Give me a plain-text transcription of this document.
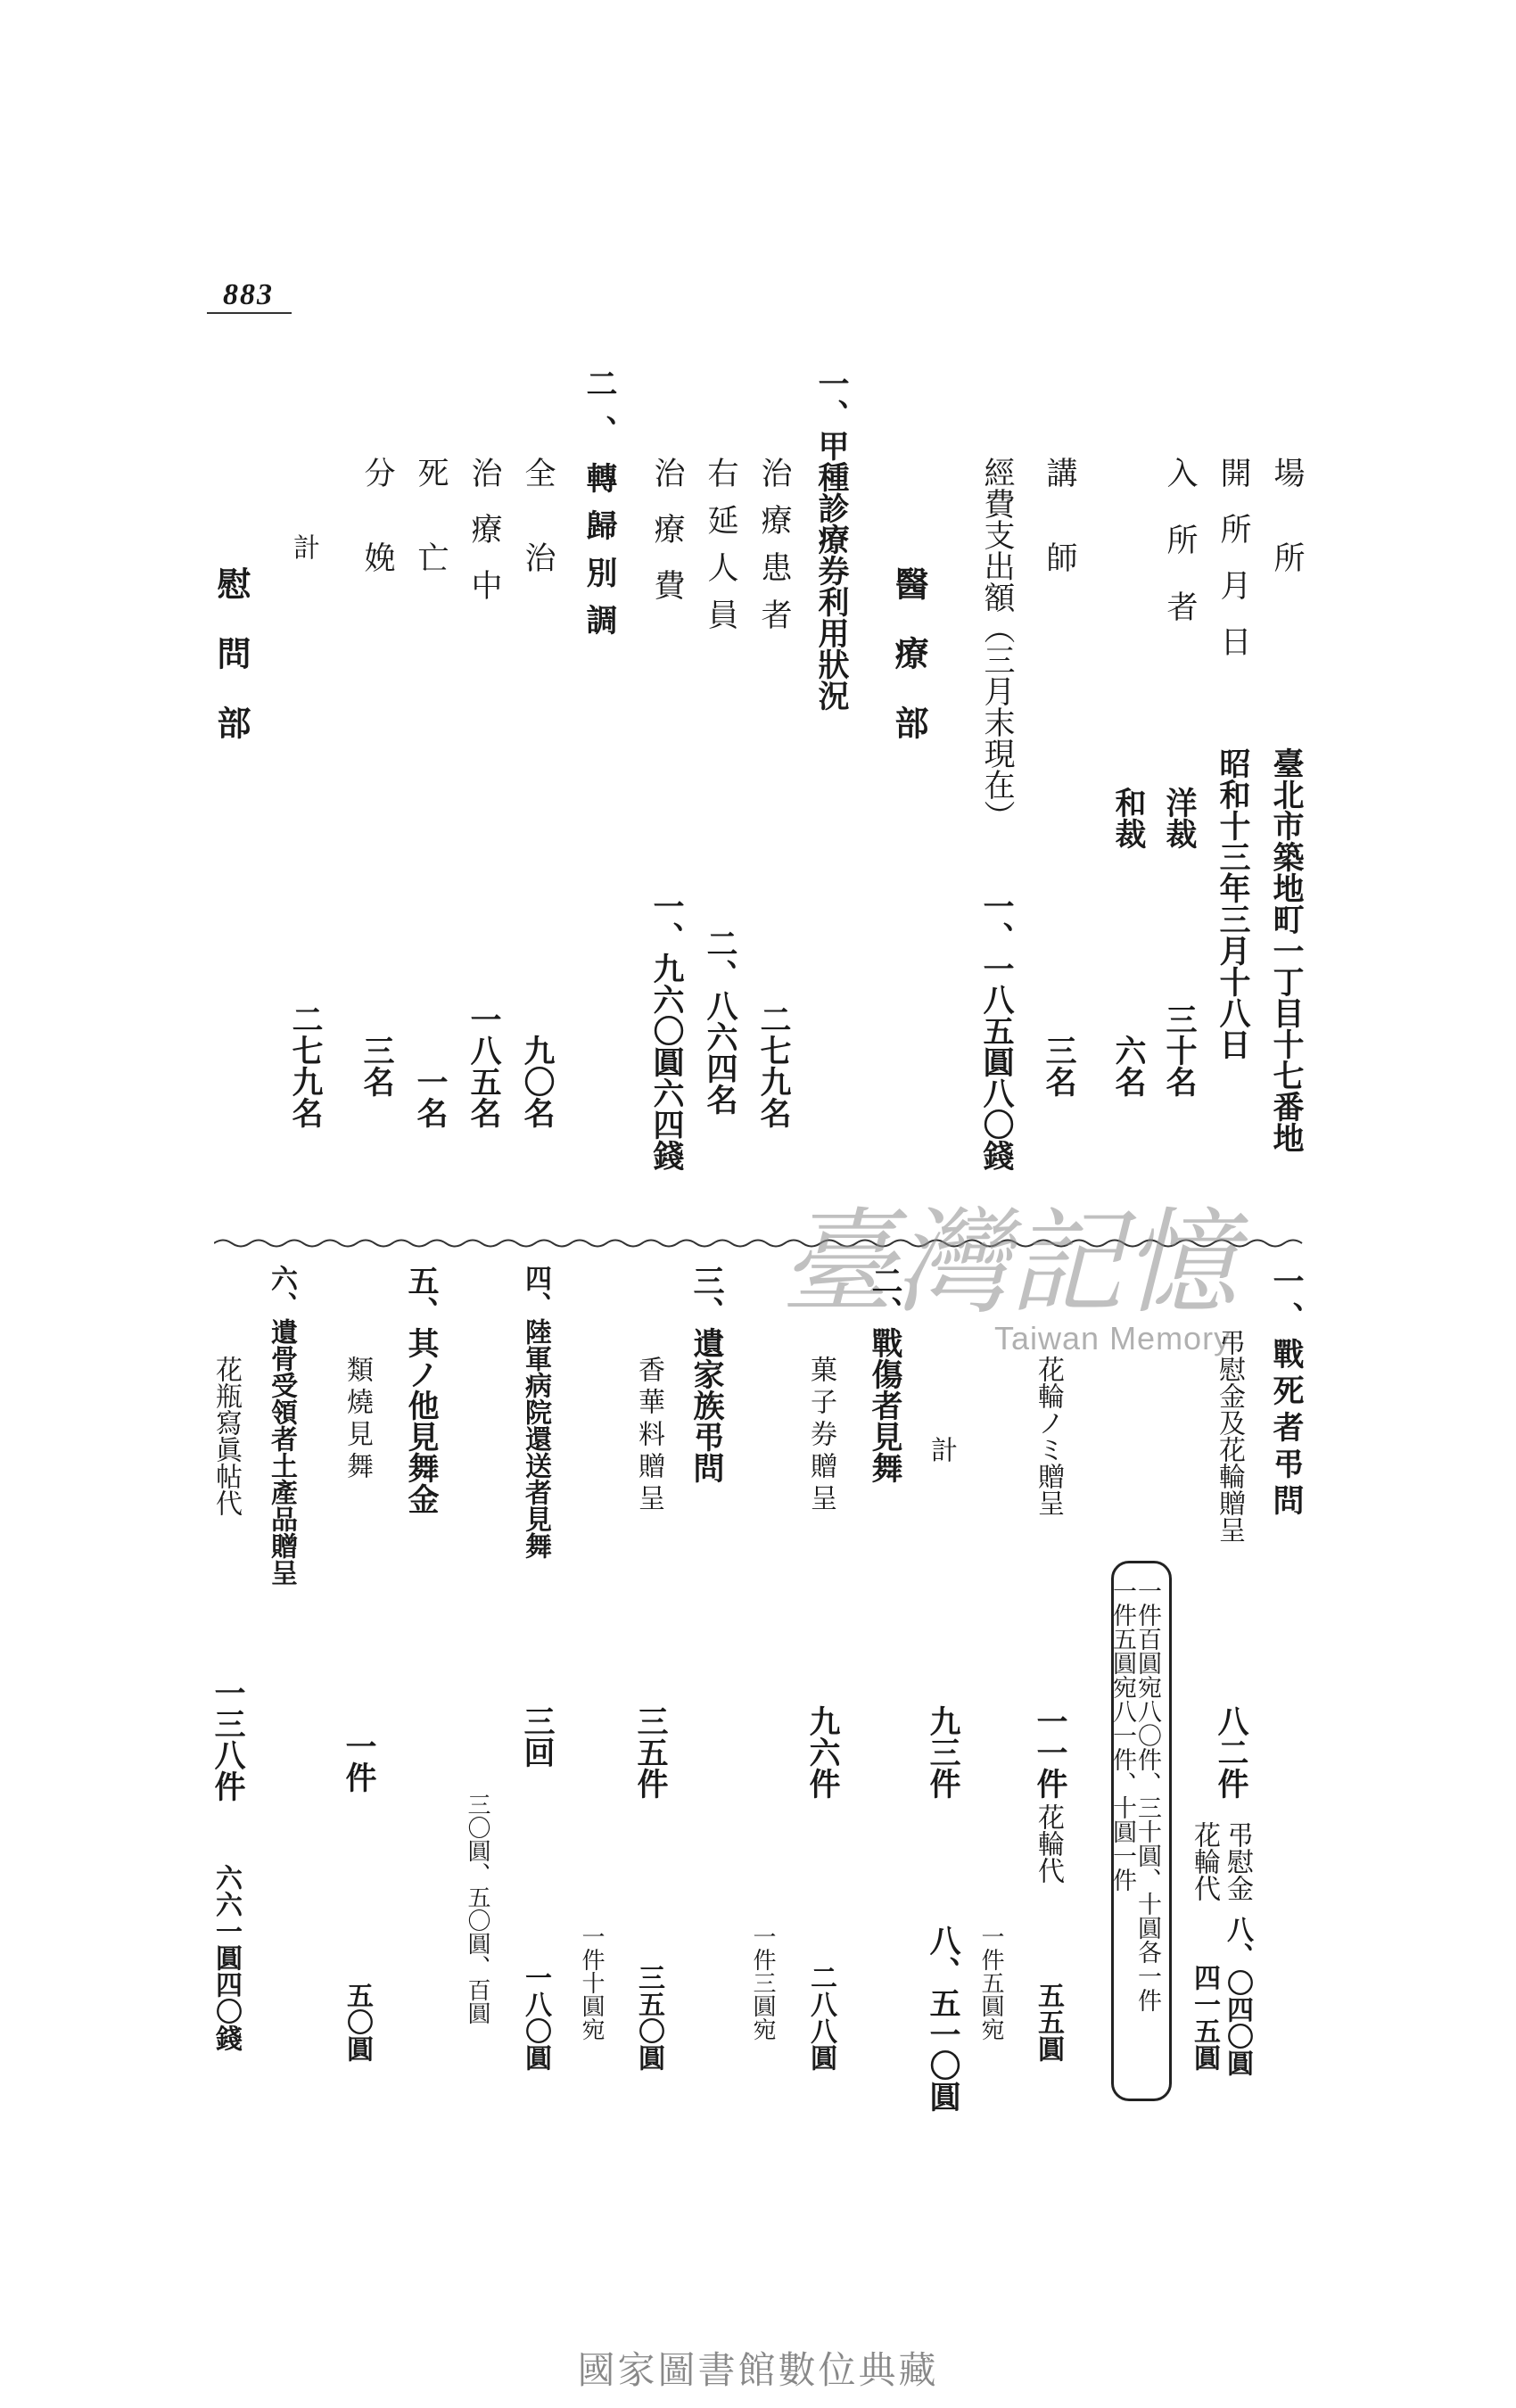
883
場所
臺北市築地町一丁目十七番地
開所月日
昭和十三年三月十八日
入所者
洋裁
三十名
和裁
六名
講師
三名
經費支出額（三月末現在）
一、一八五圓八〇錢
醫療部
一、甲種診療券利用狀況
治療患者
二七九名
右延人員
二、八六四名
治療費
一、九六〇圓六四錢
二、轉歸別調
全治
九〇名
治療中
一八五名
死亡
一名
分娩
三名
計
二七九名
慰問部
臺灣記憶
Taiwan Memory 一、戰死者弔問
弔慰金及花輪贈呈
八二件
弔慰金
花輪代
八、〇四〇圓
四一五圓
一件百圓宛八〇件、三十圓、十圓各一件
一件五圓宛八一件、十圓一件
花輪ノミ贈呈
一一件
花輪代
五五圓
一件五圓宛
計
九三件
八、五一〇圓
二、戰傷者見舞
菓子券贈呈
九六件
二八八圓
一件三圓宛
三、遺家族弔問
香華料贈呈
三五件
三五〇圓
一件十圓宛
四、陸軍病院還送者見舞
三回
一八〇圓
三〇圓、五〇圓、百圓
五、其ノ他見舞金
類燒見舞
一件
五〇圓
六、遺骨受領者土產品贈呈
花瓶寫眞帖代
一三八件
六六一圓四〇錢
國家圖書館數位典藏
